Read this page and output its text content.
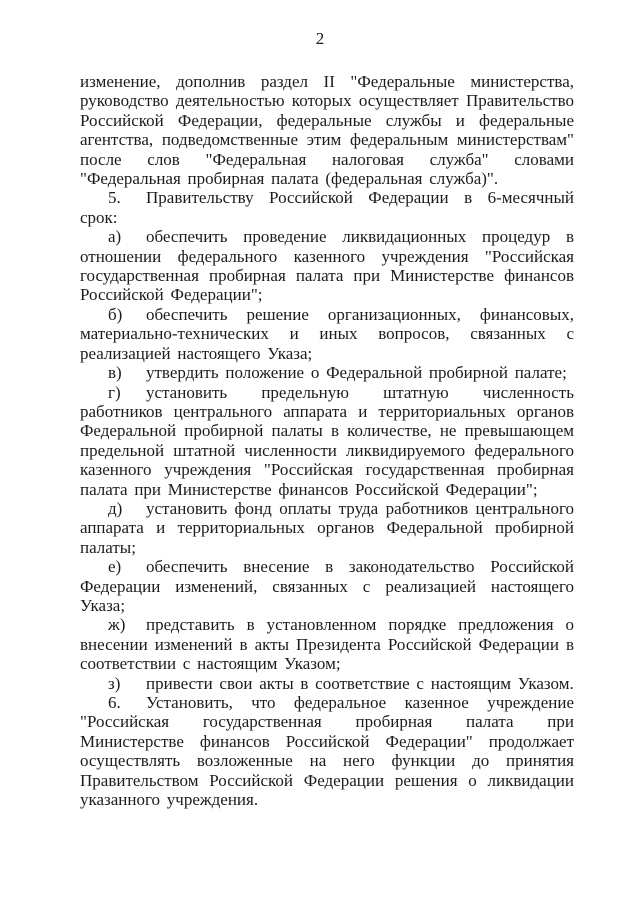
2

изменение, дополнив раздел II "Федеральные министерства, руководство деятельностью которых осуществляет Правительство Российской Федерации, федеральные службы и федеральные агентства, подведомственные этим федеральным министерствам" после слов "Федеральная налоговая служба" словами "Федеральная пробирная палата (федеральная служба)".

5. Правительству Российской Федерации в 6-месячный срок:

а) обеспечить проведение ликвидационных процедур в отношении федерального казенного учреждения "Российская государственная пробирная палата при Министерстве финансов Российской Федерации";

б) обеспечить решение организационных, финансовых, материально-технических и иных вопросов, связанных с реализацией настоящего Указа;

в) утвердить положение о Федеральной пробирной палате;

г) установить предельную штатную численность работников центрального аппарата и территориальных органов Федеральной пробирной палаты в количестве, не превышающем предельной штатной численности ликвидируемого федерального казенного учреждения "Российская государственная пробирная палата при Министерстве финансов Российской Федерации";

д) установить фонд оплаты труда работников центрального аппарата и территориальных органов Федеральной пробирной палаты;

е) обеспечить внесение в законодательство Российской Федерации изменений, связанных с реализацией настоящего Указа;

ж) представить в установленном порядке предложения о внесении изменений в акты Президента Российской Федерации в соответствии с настоящим Указом;

з) привести свои акты в соответствие с настоящим Указом.

6. Установить, что федеральное казенное учреждение "Российская государственная пробирная палата при Министерстве финансов Российской Федерации" продолжает осуществлять возложенные на него функции до принятия Правительством Российской Федерации решения о ликвидации указанного учреждения.
